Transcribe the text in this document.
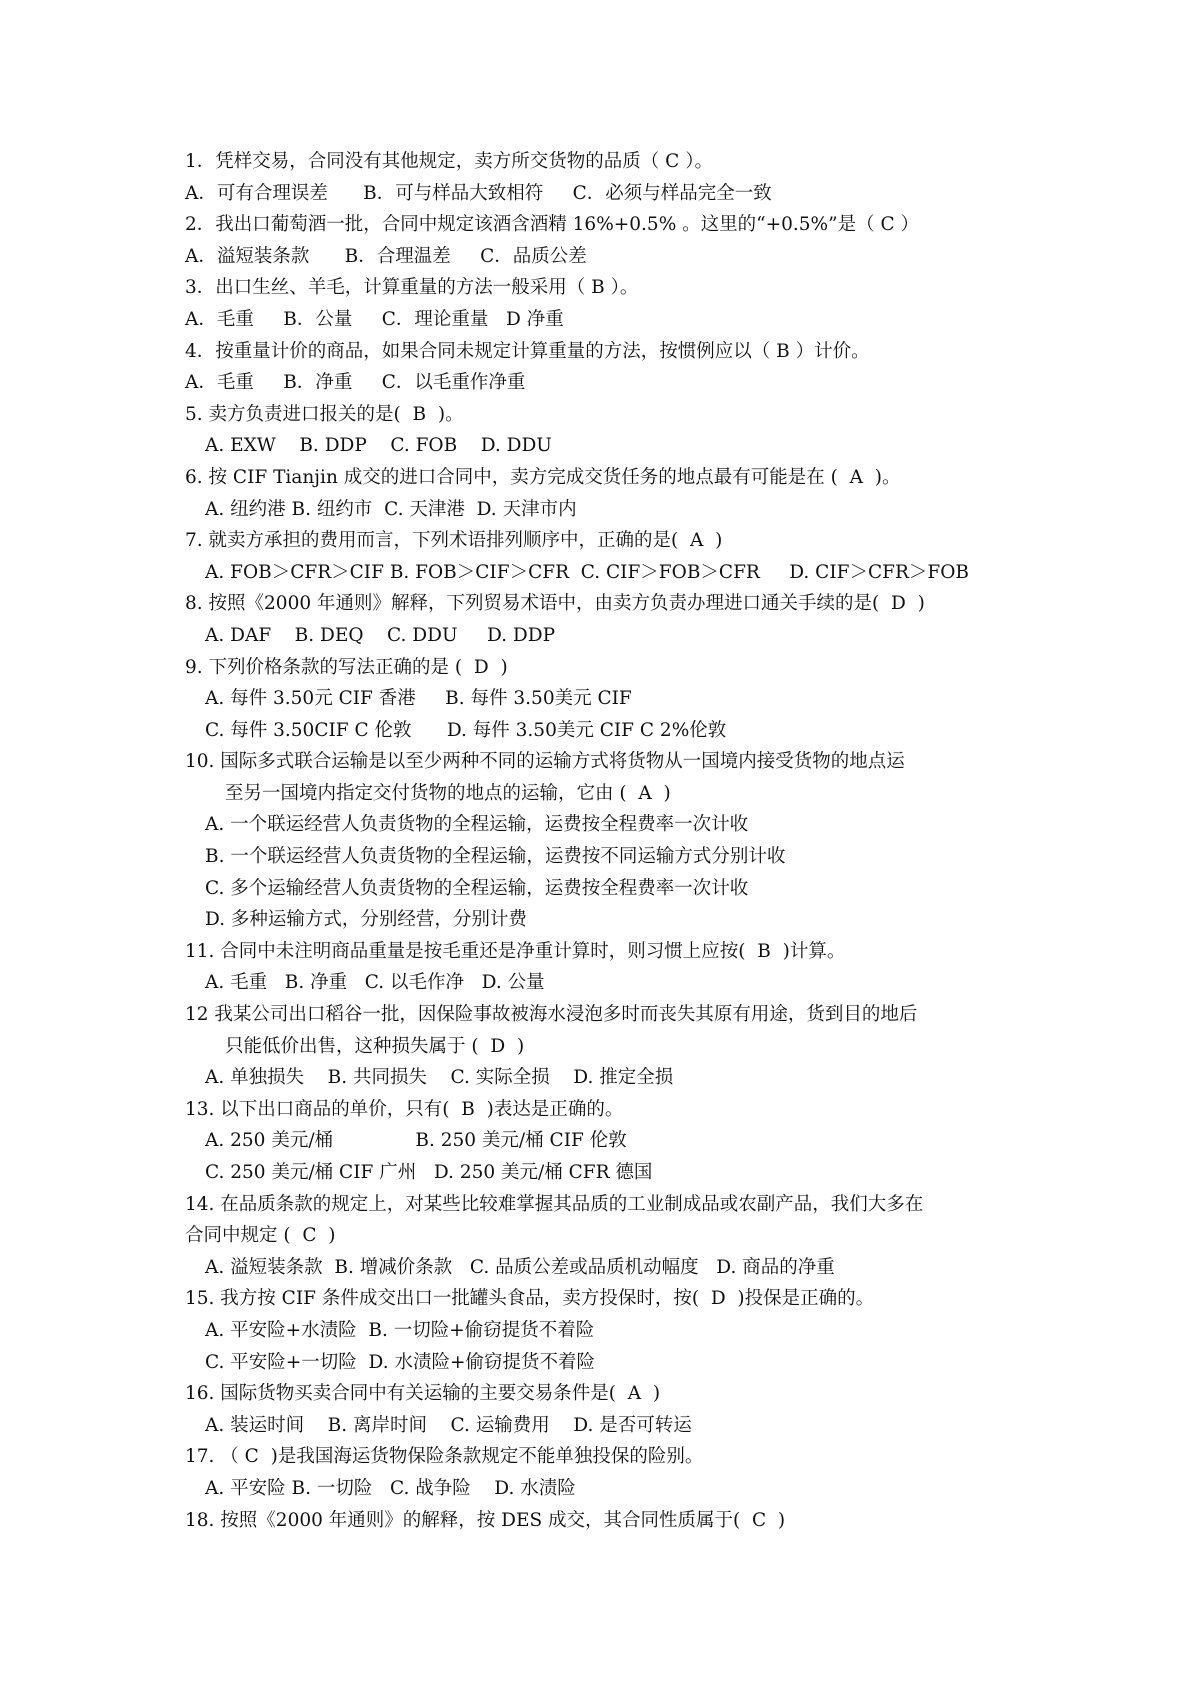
1．凭样交易，合同没有其他规定，卖方所交货物的品质（ C ）。
A．可有合理误差      B．可与样品大致相符     C．必须与样品完全一致
2．我出口葡萄酒一批，合同中规定该酒含酒精 16%+0.5% 。这里的“+0.5%”是（ C ）
A．溢短装条款      B．合理温差     C．品质公差
3．出口生丝、羊毛，计算重量的方法一般采用（ B ）。
A．毛重     B．公量     C．理论重量   D 净重
4．按重量计价的商品，如果合同未规定计算重量的方法，按惯例应以（ B ）计价。
A．毛重     B．净重     C．以毛重作净重
5. 卖方负责进口报关的是(  B  )。
A. EXW    B. DDP    C. FOB    D. DDU
6. 按 CIF Tianjin 成交的进口合同中，卖方完成交货任务的地点最有可能是在 (  A  )。
A. 纽约港 B. 纽约市  C. 天津港  D. 天津市内
7. 就卖方承担的费用而言，下列术语排列顺序中，正确的是(  A  )
A. FOB＞CFR＞CIF B. FOB＞CIF＞CFR  C. CIF＞FOB＞CFR     D. CIF＞CFR＞FOB
8. 按照《2000 年通则》解释，下列贸易术语中，由卖方负责办理进口通关手续的是(  D  )
A. DAF    B. DEQ    C. DDU     D. DDP
9. 下列价格条款的写法正确的是 (  D  )
A. 每件 3.50元 CIF 香港     B. 每件 3.50美元 CIF
C. 每件 3.50CIF C 伦敦      D. 每件 3.50美元 CIF C 2%伦敦
10. 国际多式联合运输是以至少两种不同的运输方式将货物从一国境内接受货物的地点运
至另一国境内指定交付货物的地点的运输，它由 (  A  )
A. 一个联运经营人负责货物的全程运输，运费按全程费率一次计收
B. 一个联运经营人负责货物的全程运输，运费按不同运输方式分别计收
C. 多个运输经营人负责货物的全程运输，运费按全程费率一次计收
D. 多种运输方式，分别经营，分别计费
11. 合同中未注明商品重量是按毛重还是净重计算时，则习惯上应按(  B  )计算。
A. 毛重   B. 净重   C. 以毛作净   D. 公量
12 我某公司出口稻谷一批，因保险事故被海水浸泡多时而丧失其原有用途，货到目的地后
只能低价出售，这种损失属于 (  D  )
A. 单独损失    B. 共同损失    C. 实际全损    D. 推定全损
13. 以下出口商品的单价，只有(  B  )表达是正确的。
A. 250 美元/桶              B. 250 美元/桶 CIF 伦敦
C. 250 美元/桶 CIF 广州   D. 250 美元/桶 CFR 德国
14. 在品质条款的规定上，对某些比较难掌握其品质的工业制成品或农副产品，我们大多在
合同中规定 (  C  )
A. 溢短装条款  B. 增减价条款   C. 品质公差或品质机动幅度   D. 商品的净重
15. 我方按 CIF 条件成交出口一批罐头食品，卖方投保时，按(  D  )投保是正确的。
A. 平安险+水渍险  B. 一切险+偷窃提货不着险
C. 平安险+一切险  D. 水渍险+偷窃提货不着险
16. 国际货物买卖合同中有关运输的主要交易条件是(  A  )
A. 装运时间    B. 离岸时间    C. 运输费用    D. 是否可转运
17. （ C  )是我国海运货物保险条款规定不能单独投保的险别。
A. 平安险 B. 一切险   C. 战争险    D. 水渍险
18. 按照《2000 年通则》的解释，按 DES 成交，其合同性质属于(  C  )
